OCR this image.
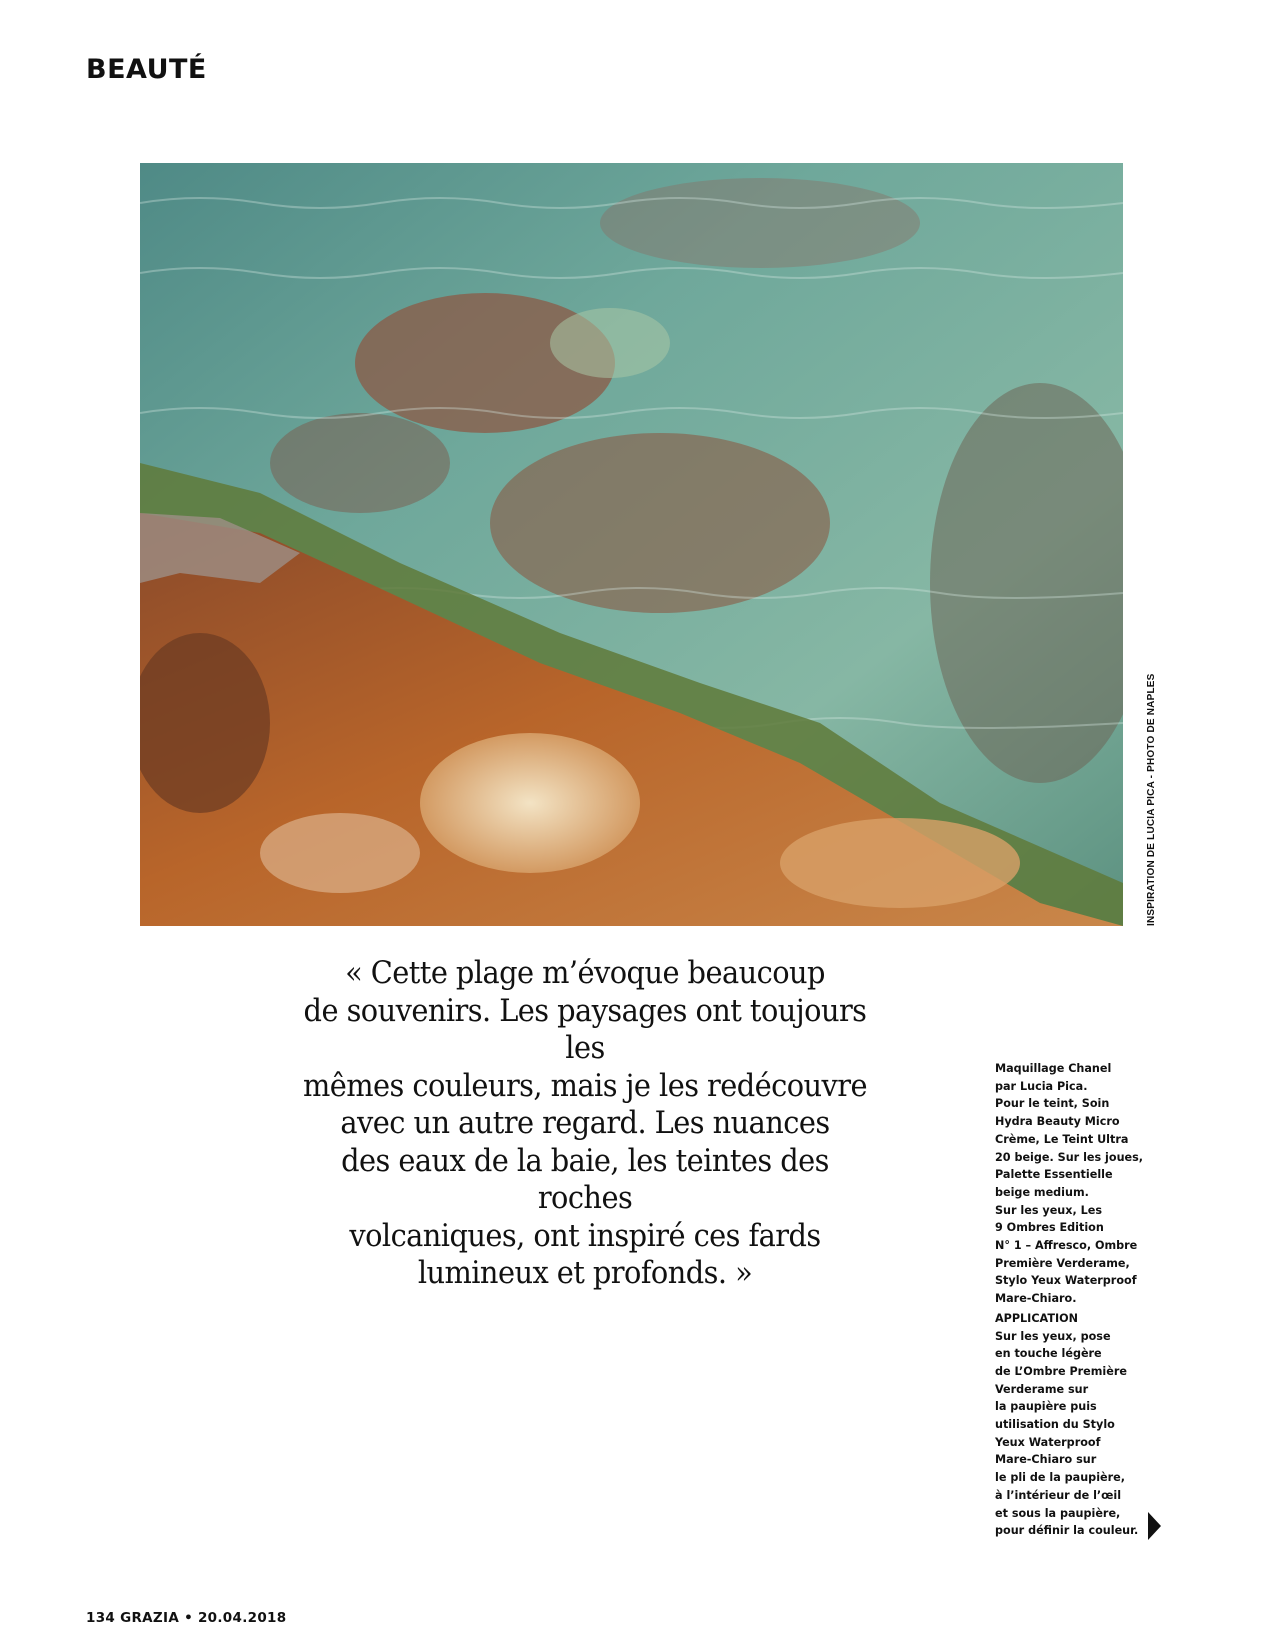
BEAUTÉ
INSPIRATION DE LUCIA PICA - PHOTO DE NAPLES
« Cette plage m’évoque beaucoup
de souvenirs. Les paysages ont toujours les
mêmes couleurs, mais je les redécouvre
avec un autre regard. Les nuances
des eaux de la baie, les teintes des roches
volcaniques, ont inspiré ces fards
lumineux et profonds. »

Maquillage Chanel

par Lucia Pica.

Pour le teint, Soin

Hydra Beauty Micro

Crème, Le Teint Ultra

20 beige. Sur les joues,

Palette Essentielle

beige medium.

Sur les yeux, Les

9 Ombres Edition

N° 1 – Affresco, Ombre

Première Verderame,

Stylo Yeux Waterproof

Mare-Chiaro.

APPLICATION

Sur les yeux, pose

en touche légère

de L’Ombre Première

Verderame sur

la paupière puis

utilisation du Stylo

Yeux Waterproof

Mare-Chiaro sur

le pli de la paupière,

à l’intérieur de l’œil

et sous la paupière,

pour définir la couleur.

134 GRAZIA • 20.04.2018
